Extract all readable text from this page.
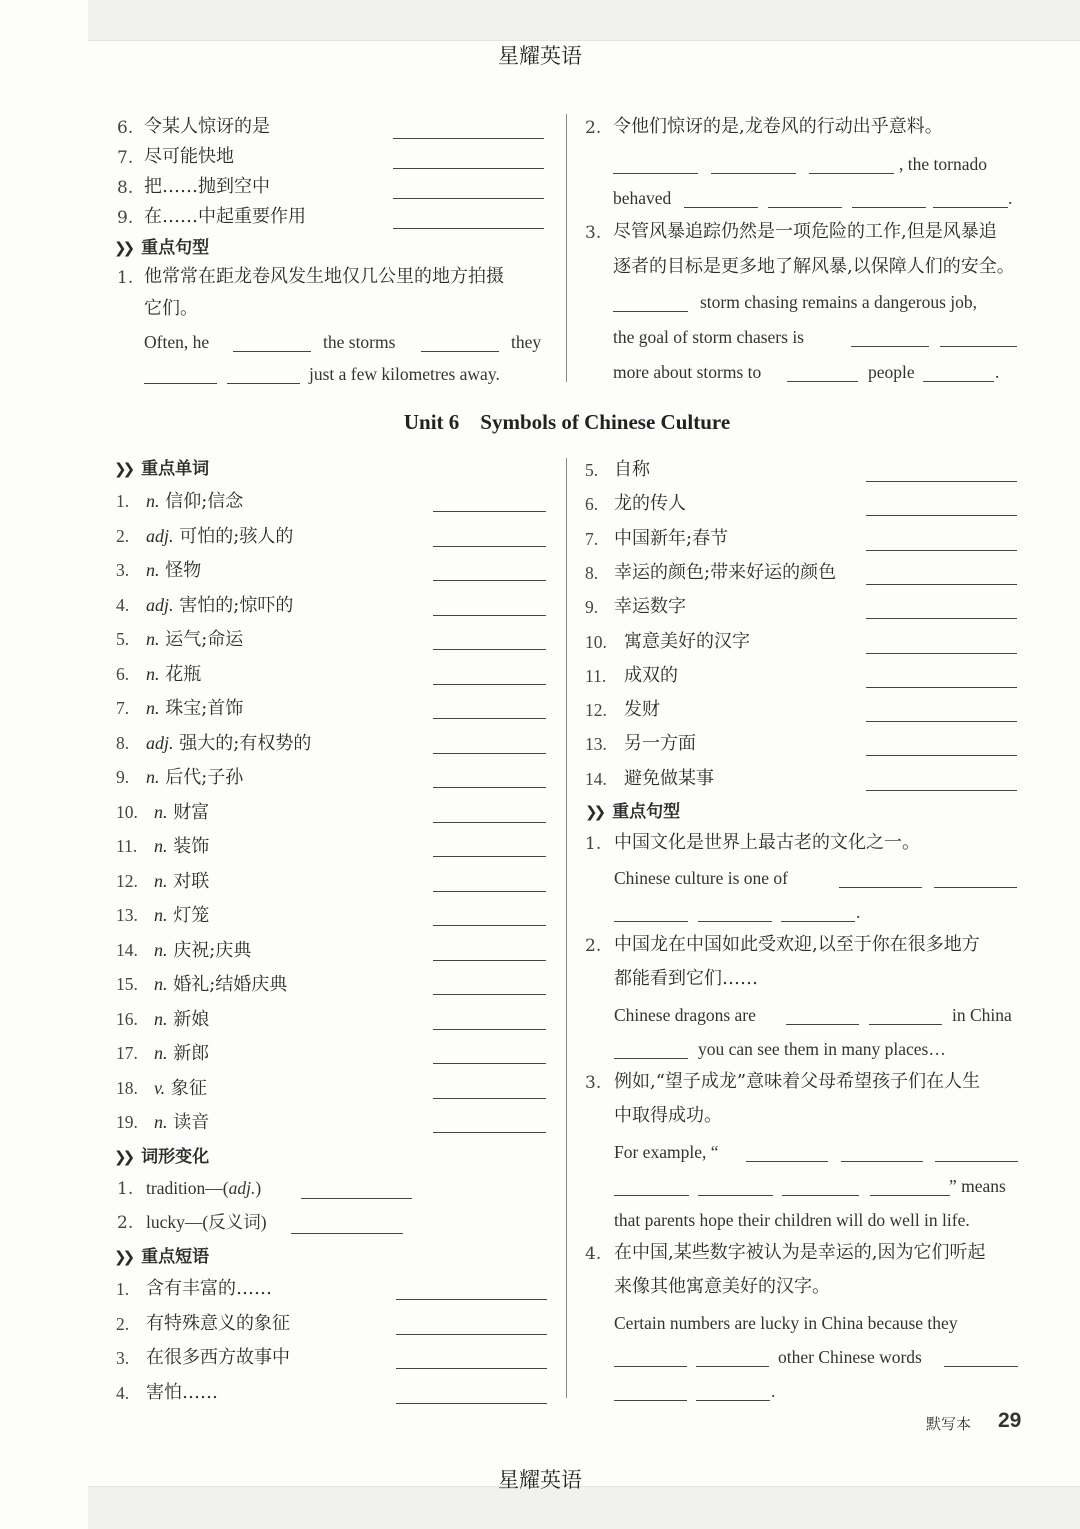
星耀英语
星耀英语
6. 令某人惊讶的是
7. 尽可能快地
8. 把……抛到空中
9. 在……中起重要作用
❯❯ 重点句型
1. 他常常在距龙卷风发生地仅几公里的地方拍摄
它们。
Often, he	the storms	they
just a few kilometres away.
2. 令他们惊讶的是,龙卷风的行动出乎意料。
, the tornado
behaved	.
3. 尽管风暴追踪仍然是一项危险的工作,但是风暴追
逐者的目标是更多地了解风暴,以保障人们的安全。
storm chasing remains a dangerous job,
the goal of storm chasers is
more about storms to	people	.
Unit 6    Symbols of Chinese Culture
❯❯ 重点单词
1. n. 信仰;信念
2. adj. 可怕的;骇人的
3. n. 怪物
4. adj. 害怕的;惊吓的
5. n. 运气;命运
6. n. 花瓶
7. n. 珠宝;首饰
8. adj. 强大的;有权势的
9. n. 后代;子孙
10. n. 财富
11. n. 装饰
12. n. 对联
13. n. 灯笼
14. n. 庆祝;庆典
15. n. 婚礼;结婚庆典
16. n. 新娘
17. n. 新郎
18. v. 象征
19. n. 读音
❯❯ 词形变化
1. tradition—(adj.)
2. lucky—(反义词)
❯❯ 重点短语
1. 含有丰富的……
2. 有特殊意义的象征
3. 在很多西方故事中
4. 害怕……
5. 自称
6. 龙的传人
7. 中国新年;春节
8. 幸运的颜色;带来好运的颜色
9. 幸运数字
10. 寓意美好的汉字
11. 成双的
12. 发财
13. 另一方面
14. 避免做某事
❯❯ 重点句型
1. 中国文化是世界上最古老的文化之一。
Chinese culture is one of
.
2. 中国龙在中国如此受欢迎,以至于你在很多地方
都能看到它们……
Chinese dragons are	in China
you can see them in many places…
3. 例如,“望子成龙”意味着父母希望孩子们在人生
中取得成功。
For example, “
” means
that parents hope their children will do well in life.
4. 在中国,某些数字被认为是幸运的,因为它们听起
来像其他寓意美好的汉字。
Certain numbers are lucky in China because they
other Chinese words
.
默写本 29
